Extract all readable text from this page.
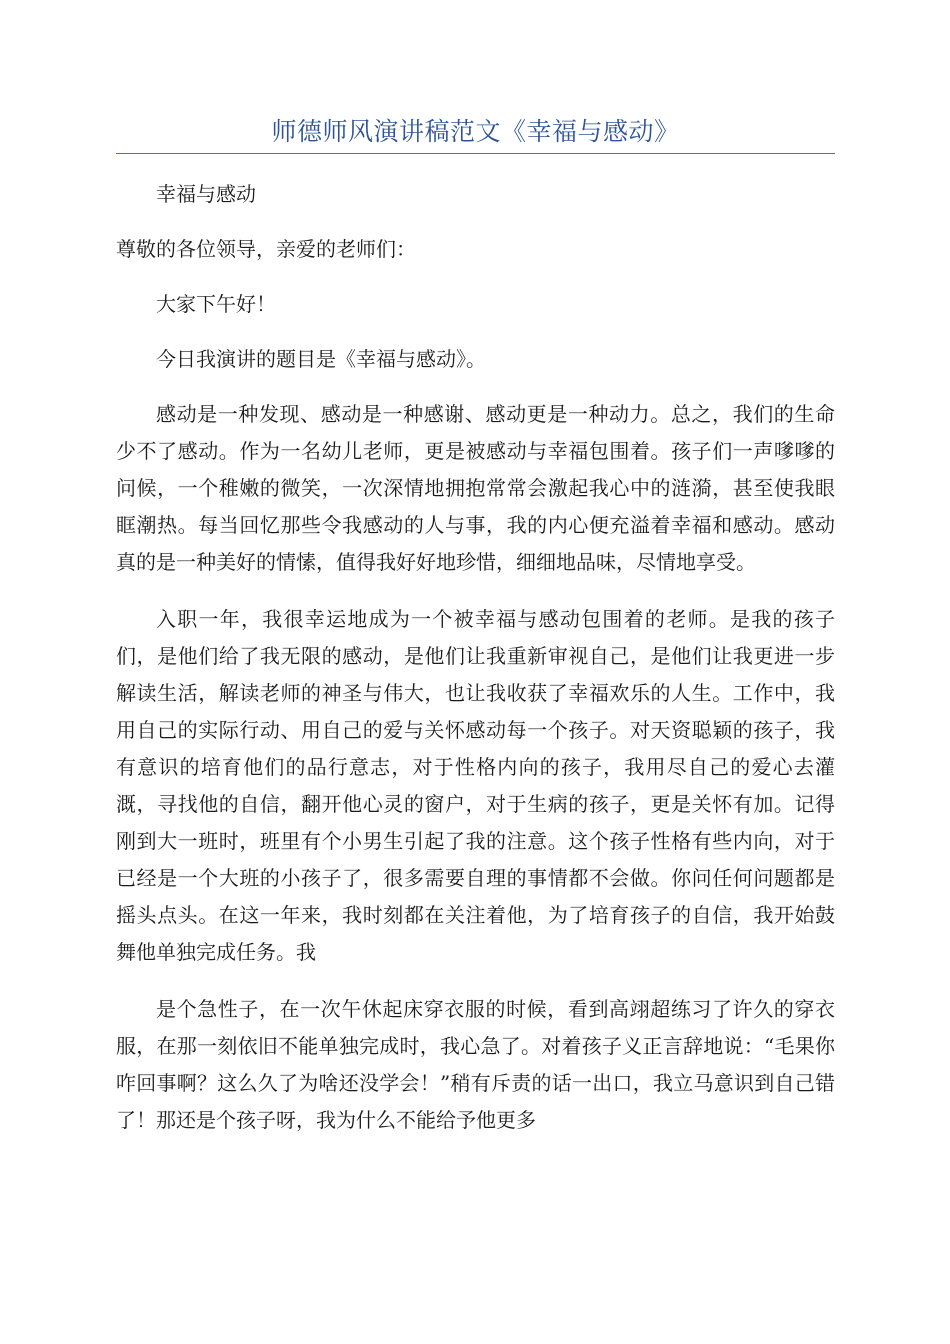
师德师风演讲稿范文《幸福与感动》

幸福与感动

尊敬的各位领导，亲爱的老师们：

大家下午好！

今日我演讲的题目是《幸福与感动》。

感动是一种发现、感动是一种感谢、感动更是一种动力。总之，我们的生命少不了感动。作为一名幼儿老师，更是被感动与幸福包围着。孩子们一声嗲嗲的问候，一个稚嫩的微笑，一次深情地拥抱常常会激起我心中的涟漪，甚至使我眼眶潮热。每当回忆那些令我感动的人与事，我的内心便充溢着幸福和感动。感动真的是一种美好的情愫，值得我好好地珍惜，细细地品味，尽情地享受。

入职一年，我很幸运地成为一个被幸福与感动包围着的老师。是我的孩子们，是他们给了我无限的感动，是他们让我重新审视自己，是他们让我更进一步解读生活，解读老师的神圣与伟大，也让我收获了幸福欢乐的人生。工作中，我用自己的实际行动、用自己的爱与关怀感动每一个孩子。对天资聪颖的孩子，我有意识的培育他们的品行意志，对于性格内向的孩子，我用尽自己的爱心去灌溉，寻找他的自信，翻开他心灵的窗户，对于生病的孩子，更是关怀有加。记得刚到大一班时，班里有个小男生引起了我的注意。这个孩子性格有些内向，对于已经是一个大班的小孩子了，很多需要自理的事情都不会做。你问任何问题都是摇头点头。在这一年来，我时刻都在关注着他，为了培育孩子的自信，我开始鼓舞他单独完成任务。我

是个急性子，在一次午休起床穿衣服的时候，看到高翊超练习了许久的穿衣服，在那一刻依旧不能单独完成时，我心急了。对着孩子义正言辞地说：“毛果你咋回事啊？这么久了为啥还没学会！”稍有斥责的话一出口，我立马意识到自己错了！那还是个孩子呀，我为什么不能给予他更多
